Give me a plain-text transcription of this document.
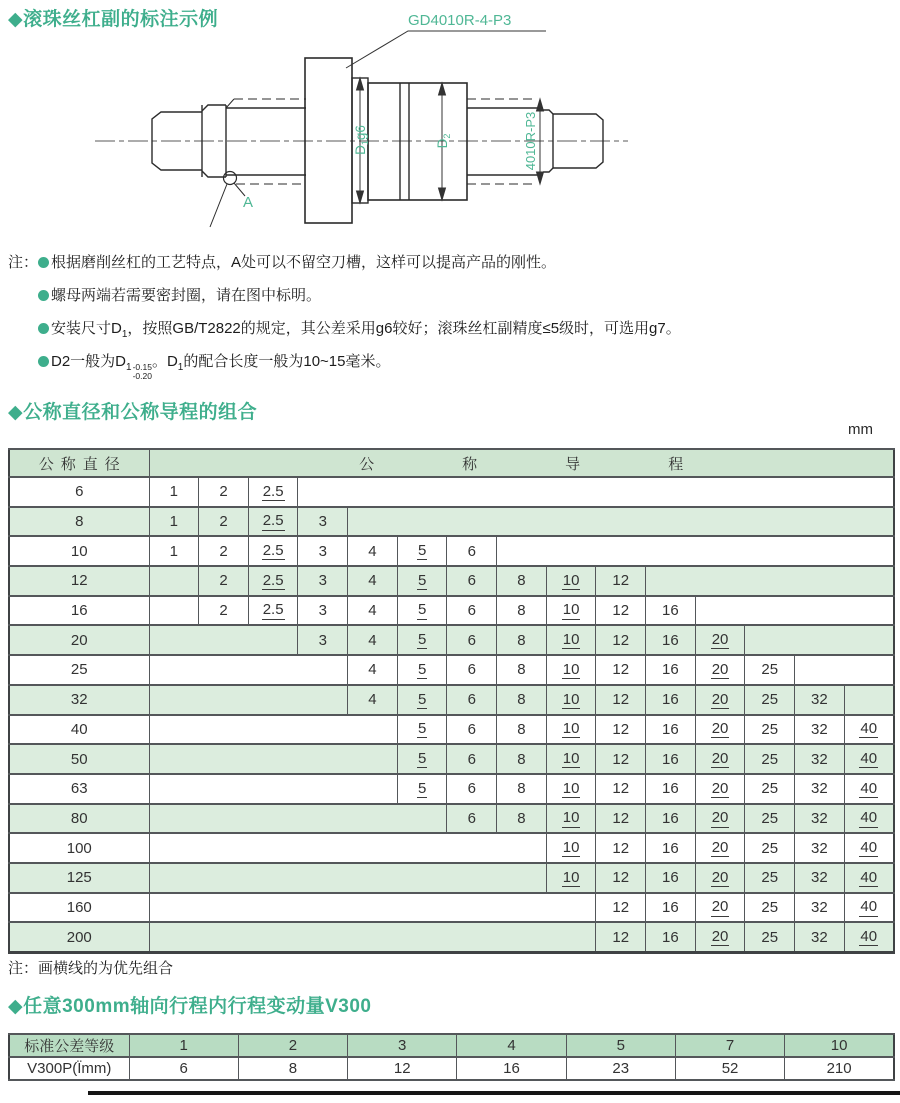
◆滚珠丝杠副的标注示例	GD4010R-4-P3
$D_1g6$
$D_2$	4010R-P3
A
注： 根据磨削丝杠的工艺特点，A处可以不留空刀槽，这样可以提高产品的刚性。
螺母两端若需要密封圈，请在图中标明。
安装尺寸$D_1$，按照GB/T2822的规定，其公差采用g6较好；滚珠丝杠副精度≤5级时，可选用g7。
D2一般为$D_1$ -0.15
-0.20
。$D_1$的配合长度一般为10~15毫米。
◆公称直径和公称导程的组合
mm
公称直径	公 称 导 程														

6	1	2	2.5												
8	1	2	2.5	3											
10	1	2	2.5	3	4	5	6								
12		2	2.5	3	4	5	6	8	10	12					
16		2	2.5	3	4	5	6	8	10	12	16				
20				3	4	5	6	8	10	12	16	20			
25					4	5	6	8	10	12	16	20	25		
32					4	5	6	8	10	12	16	20	25	32	
40						5	6	8	10	12	16	20	25	32	40
50						5	6	8	10	12	16	20	25	32	40
63						5	6	8	10	12	16	20	25	32	40
80							6	8	10	12	16	20	25	32	40
100									10	12	16	20	25	32	40
125									10	12	16	20	25	32	40
160										12	16	20	25	32	40
200										12	16	20	25	32	40
注：画横线的为优先组合
◆任意300mm轴向行程内行程变动量V300
标准公差等级	1	2	3	4	5	7	10
V300P(Ïmm)	6	8	12	16	23	52	210
